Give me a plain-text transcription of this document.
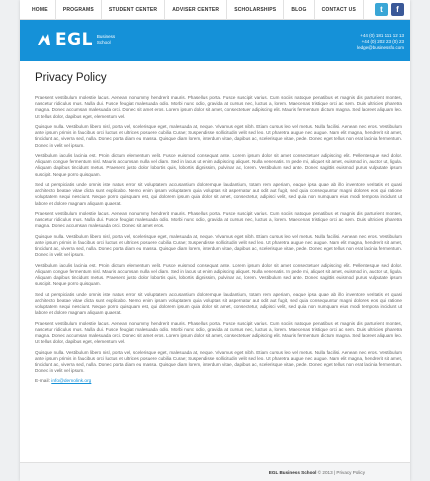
HOME	PROGRAMS	STUDENT CENTER	ADVISER CENTER	SCHOLARSHIPS	BLOG	CONTACT US	t	f
EGL Business School
+44 (0) 181 111 12 13
+44 (0) 202 23 (0) 23
ledge@businessfo.com
Privacy Policy

Praesent vestibulum molestie lacus. Aenean nonummy hendrerit mauris. Phasellus porta. Fusce suscipit varius. Cum sociis natoque penatibus et magnis dis parturient montes, nascetur ridiculus mus. Nulla dui. Fusce feugiat malesuada odio. Morbi nunc odio, gravida at cursus nec, luctus a, lorem. Maecenas tristique orci ac sem. Duis ultricies pharetra magna. Donec accumsan malesuada orci. Donec sit amet eros. Lorem ipsum dolor sit amet, consectetuer adipiscing elit. Mauris fermentum dictum magna. Sed laoreet aliquam leo. Ut tellus dolor, dapibus eget, elementum vel.

Quisque nulla. Vestibulum libero nisl, porta vel, scelerisque eget, malesuada at, neque. Vivamus eget nibh. Etiam cursus leo vel metus. Nulla facilisi. Aenean nec eros. Vestibulum ante ipsum primis in faucibus orci luctus et ultrices posuere cubilia Curae; Suspendisse sollicitudin velit sed leo. Ut pharetra augue nec augue. Nam elit magna, hendrerit sit amet, tincidunt ac, viverra sed, nulla. Donec porta diam eu massa. Quisque diam lorem, interdum vitae, dapibus ac, scelerisque vitae, pede. Donec eget tellus non erat lacinia fermentum. Donec in velit vel ipsum.

Vestibulum iaculis lacinia est. Proin dictum elementum velit. Fusce euismod consequat ante. Lorem ipsum dolor sit amet consectetuer adipiscing elit. Pellentesque sed dolor. Aliquam congue fermentum nisl. Mauris accumsan nulla vel diam. Sed in lacus ut enim adipiscing aliquet. Nulla venenatis. In pede mi, aliquet sit amet, euismod in, auctor ut, ligula. Aliquam dapibus tincidunt metus. Praesent justo dolor lobortis quis, lobortis dignissim, pulvinar ac, lorem. Vestibulum sed ante. Donec sagittis euismod purus vulputate ipsum suscipit. Neque porro quisquam.

Sed ut perspiciatis unde omnis iste natus error sit voluptatem accusantium doloremque laudantium, totam rem aperiam, eaque ipsa quae ab illo inventore veritatis et quasi architecto beatae vitae dicta sunt explicabo. Nemo enim ipsam voluptatem quia voluptas sit aspernatur aut odit aut fugit, sed quia consequuntur magni dolores eos qui ratione voluptatem sequi nesciunt. Neque porro quisquam est, qui dolorem ipsum quia dolor sit amet, consectetur, adipisci velit, sed quia non numquam eius modi tempora incidunt ut labore et dolore magnam aliquam quaerat.

Praesent vestibulum molestie lacus. Aenean nonummy hendrerit mauris. Phasellus porta. Fusce suscipit varius. Cum sociis natoque penatibus et magnis dis parturient montes, nascetur ridiculus mus. Nulla dui. Fusce feugiat malesuada odio. Morbi nunc odio, gravida at cursus nec, luctus a, lorem. Maecenas tristique orci ac sem. Duis ultricies pharetra magna. Donec accumsan malesuada orci. Donec sit amet eros.

Quisque nulla. Vestibulum libero nisl, porta vel, scelerisque eget, malesuada at, neque. Vivamus eget nibh. Etiam cursus leo vel metus. Nulla facilisi. Aenean nec eros. Vestibulum ante ipsum primis in faucibus orci luctus et ultrices posuere cubilia Curae; Suspendisse sollicitudin velit sed leo. Ut pharetra augue nec augue. Nam elit magna, hendrerit sit amet, tincidunt ac, viverra sed, nulla. Donec porta diam eu massa. Quisque diam lorem, interdum vitae, dapibus ac, scelerisque vitae, pede. Donec eget tellus non erat lacinia fermentum. Donec in velit vel ipsum.

Vestibulum iaculis lacinia est. Proin dictum elementum velit. Fusce euismod consequat ante. Lorem ipsum dolor sit amet consectetuer adipiscing elit. Pellentesque sed dolor. Aliquam congue fermentum nisl. Mauris accumsan nulla vel diam. Sed in lacus ut enim adipiscing aliquet. Nulla venenatis. In pede mi, aliquet sit amet, euismod in, auctor ut, ligula. Aliquam dapibus tincidunt metus. Praesent justo dolor lobortis quis, lobortis dignissim, pulvinar ac, lorem. Vestibulum sed ante. Donec sagittis euismod purus vulputate ipsum suscipit. Neque porro quisquam.

Sed ut perspiciatis unde omnis iste natus error sit voluptatem accusantium doloremque laudantium, totam rem aperiam, eaque ipsa quae ab illo inventore veritatis et quasi architecto beatae vitae dicta sunt explicabo. Nemo enim ipsam voluptatem quia voluptas sit aspernatur aut odit aut fugit, sed quia consequuntur magni dolores eos qui ratione voluptatem sequi nesciunt. Neque porro quisquam est, qui dolorem ipsum quia dolor sit amet, consectetur, adipisci velit, sed quia non numquam eius modi tempora incidunt ut labore et dolore magnam aliquam quaerat.

Praesent vestibulum molestie lacus. Aenean nonummy hendrerit mauris. Phasellus porta. Fusce suscipit varius. Cum sociis natoque penatibus et magnis dis parturient montes, nascetur ridiculus mus. Nulla dui. Fusce feugiat malesuada odio. Morbi nunc odio, gravida at cursus nec, luctus a, lorem. Maecenas tristique orci ac sem. Duis ultricies pharetra magna. Donec accumsan malesuada orci. Donec sit amet eros. Lorem ipsum dolor sit amet, consectetuer adipiscing elit. Mauris fermentum dictum magna. Sed laoreet aliquam leo. Ut tellus dolor, dapibus eget, elementum vel.

Quisque nulla. Vestibulum libero nisl, porta vel, scelerisque eget, malesuada at, neque. Vivamus eget nibh. Etiam cursus leo vel metus. Nulla facilisi. Aenean nec eros. Vestibulum ante ipsum primis in faucibus orci luctus et ultrices posuere cubilia Curae; Suspendisse sollicitudin velit sed leo. Ut pharetra augue nec augue. Nam elit magna, hendrerit sit amet, tincidunt ac, viverra sed, nulla. Donec porta diam eu massa. Quisque diam lorem, interdum vitae, dapibus ac, scelerisque vitae, pede. Donec eget tellus non erat lacinia fermentum. Donec in velit vel ipsum.

E-mail: info@demolink.org
EGL Business School © 2013 | Privacy Policy
